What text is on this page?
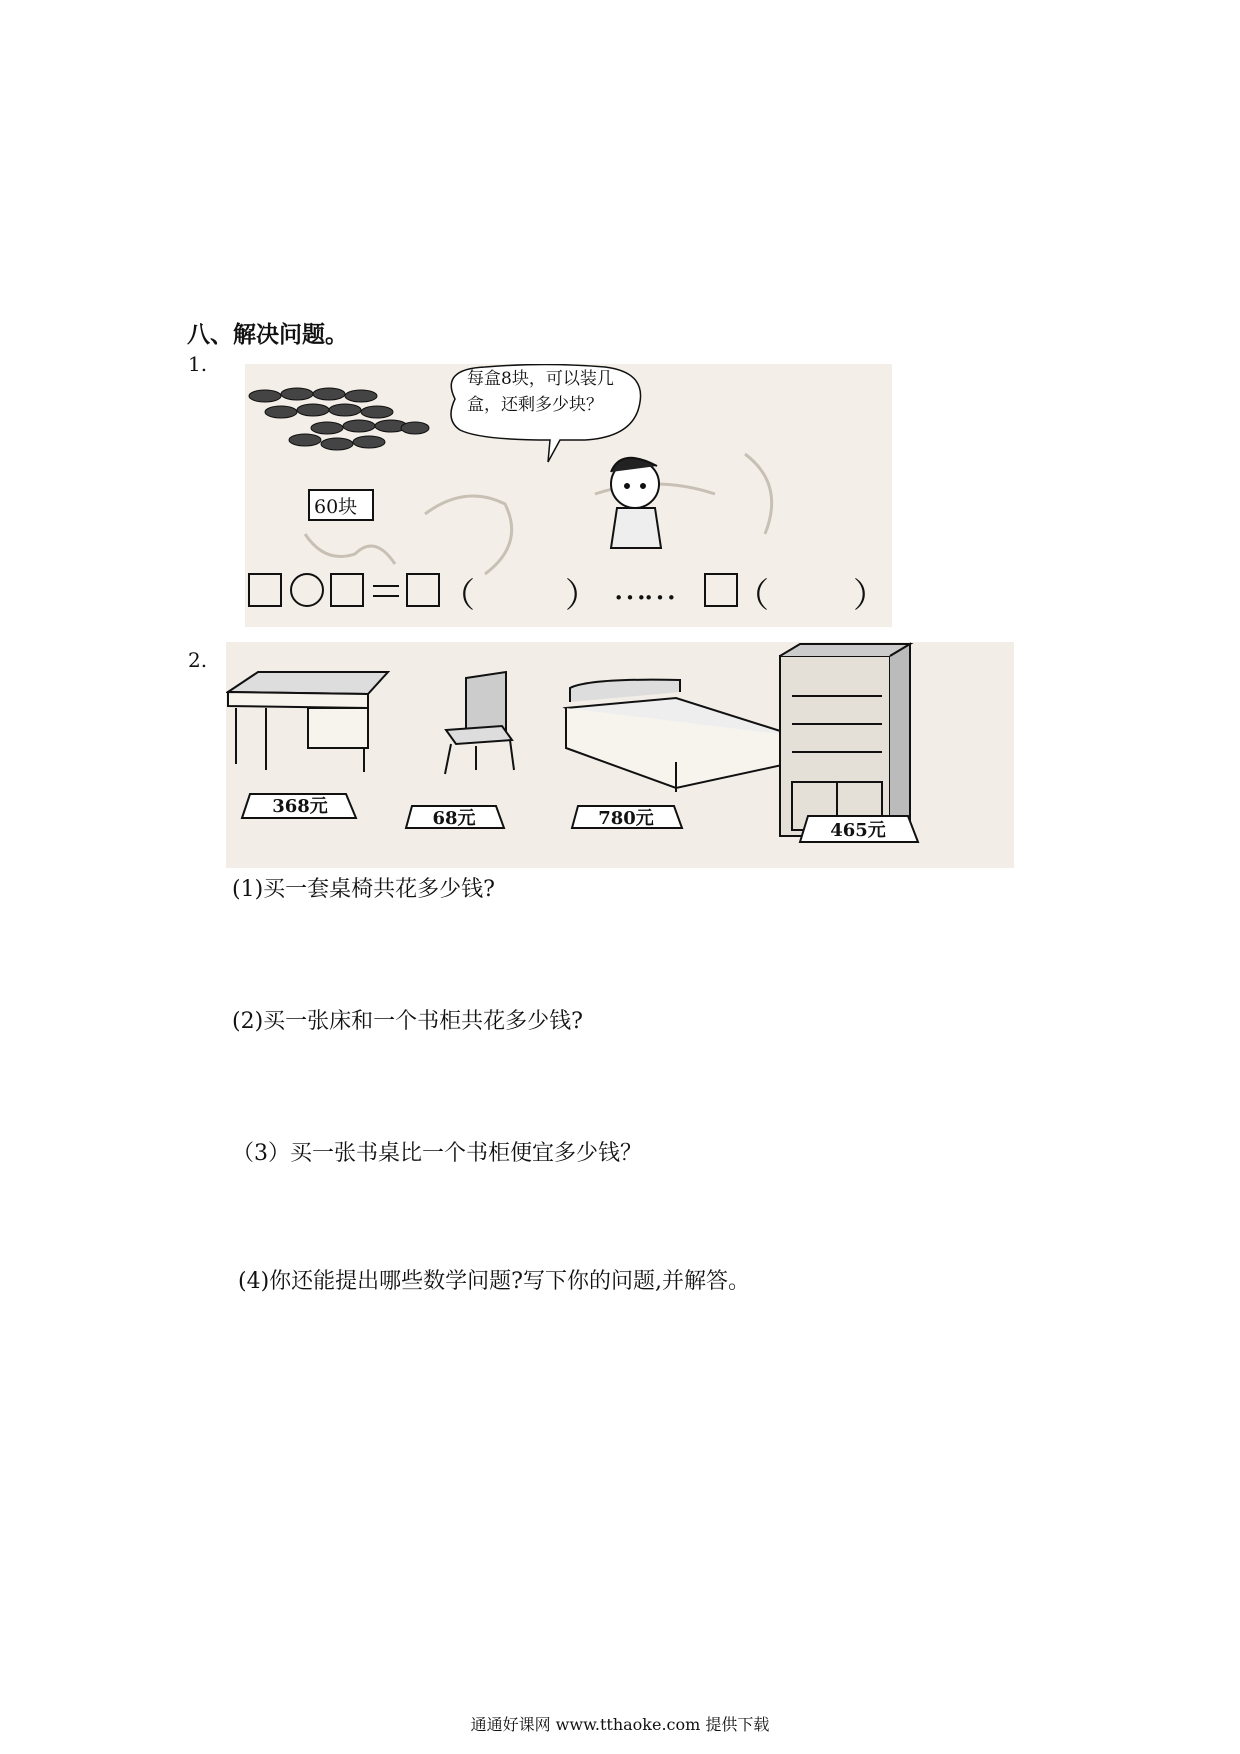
八、解决问题。
1.
每盒8块，可以装几
盒，还剩多少块？
60块
（	） …… （ ）
2.
368元
68元	780元
465元
(1)买一套桌椅共花多少钱?
(2)买一张床和一个书柜共花多少钱?
（3）买一张书桌比一个书柜便宜多少钱？
(4)你还能提出哪些数学问题?写下你的问题,并解答。
通通好课网 www.tthaoke.com 提供下载
